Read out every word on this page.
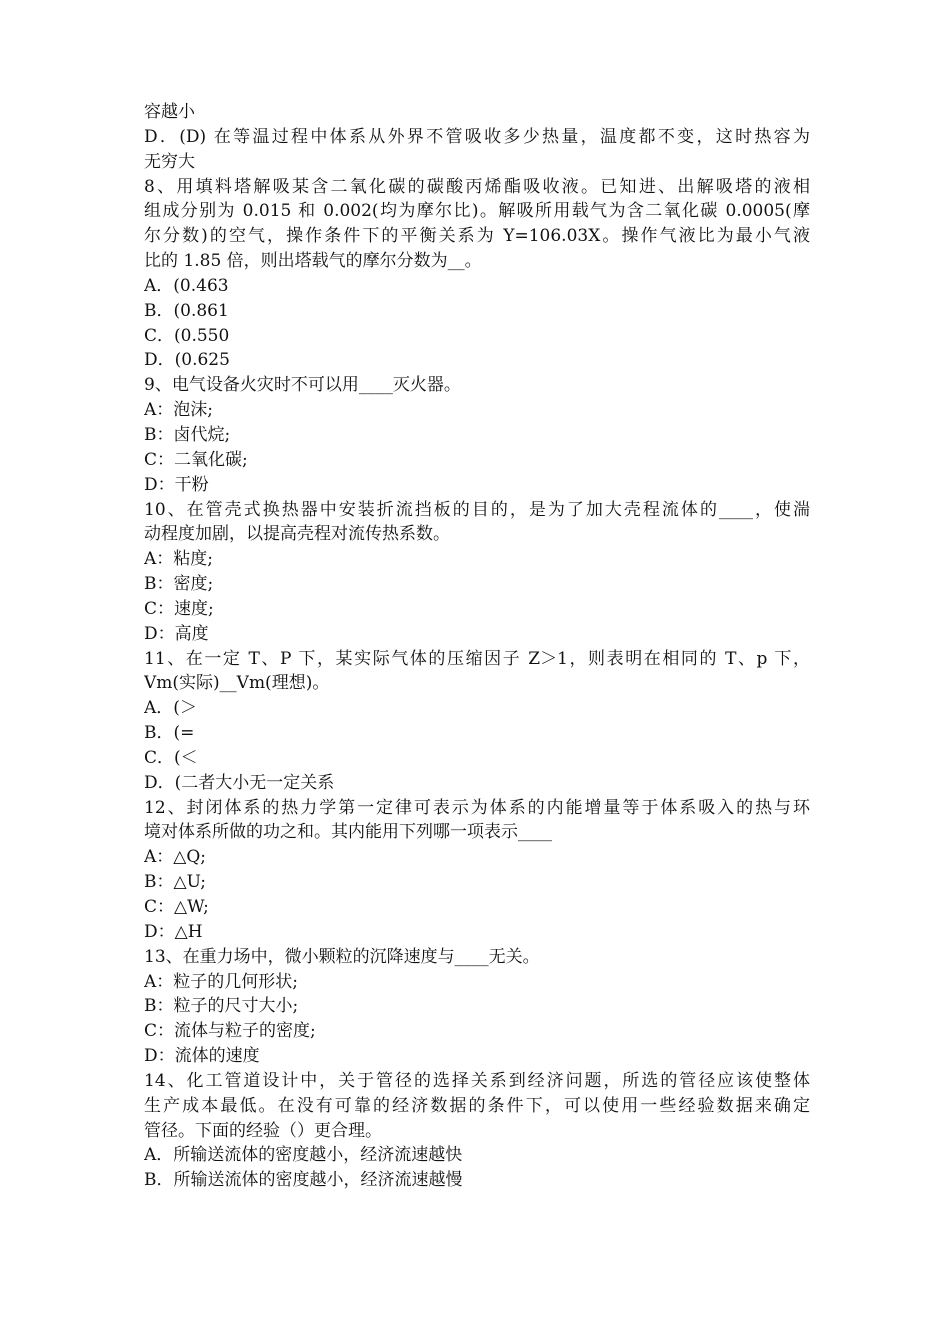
容越小
D．(D) 在等温过程中体系从外界不管吸收多少热量，温度都不变，这时热容为
无穷大
8、用填料塔解吸某含二氧化碳的碳酸丙烯酯吸收液。已知进、出解吸塔的液相
组成分别为 0.015 和 0.002(均为摩尔比)。解吸所用载气为含二氧化碳 0.0005(摩
尔分数)的空气，操作条件下的平衡关系为 Y=106.03X。操作气液比为最小气液
比的 1.85 倍，则出塔载气的摩尔分数为__。
A．(0.463
B．(0.861
C．(0.550
D．(0.625
9、电气设备火灾时不可以用____灭火器。
A：泡沫;
B：卤代烷;
C：二氧化碳;
D：干粉
10、在管壳式换热器中安装折流挡板的目的，是为了加大壳程流体的____，使湍
动程度加剧，以提高壳程对流传热系数。
A：粘度;
B：密度;
C：速度;
D：高度
11、在一定 T、P 下，某实际气体的压缩因子 Z＞1，则表明在相同的 T、p 下，
Vm(实际)__Vm(理想)。
A．(＞
B．(=
C．(＜
D．(二者大小无一定关系
12、封闭体系的热力学第一定律可表示为体系的内能增量等于体系吸入的热与环
境对体系所做的功之和。其内能用下列哪一项表示____
A：△Q;
B：△U;
C：△W;
D：△H
13、在重力场中，微小颗粒的沉降速度与____无关。
A：粒子的几何形状;
B：粒子的尺寸大小;
C：流体与粒子的密度;
D：流体的速度
14、化工管道设计中，关于管径的选择关系到经济问题，所选的管径应该使整体
生产成本最低。在没有可靠的经济数据的条件下，可以使用一些经验数据来确定
管径。下面的经验（）更合理。
A．所输送流体的密度越小，经济流速越快
B．所输送流体的密度越小，经济流速越慢
